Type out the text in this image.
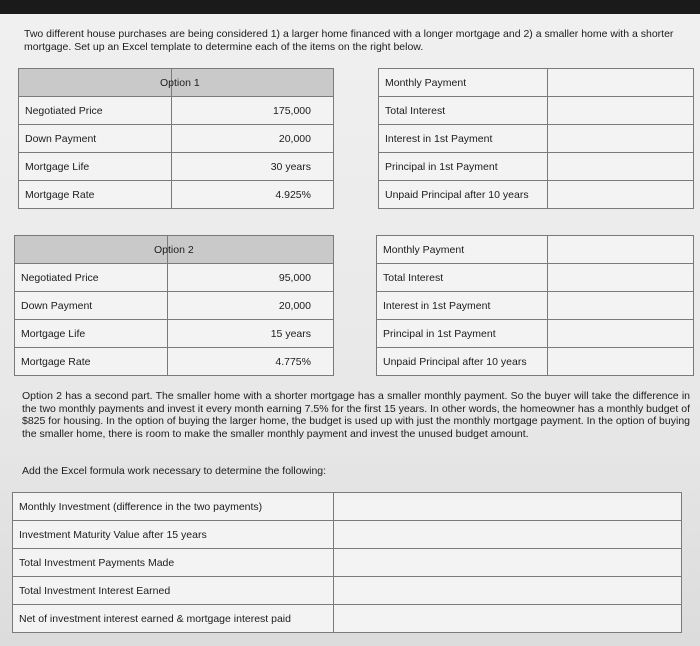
Two different house purchases are being considered 1) a larger home financed with a longer mortgage and 2) a smaller home with a shorter mortgage. Set up an Excel template to determine each of the items on the right below.
	Option 1
Negotiated Price	175,000
Down Payment	20,000
Mortgage Life	30 years
Mortgage Rate	4.925%
Monthly Payment	
Total Interest	
Interest in 1st Payment	
Principal in 1st Payment	
Unpaid Principal after 10 years	
	Option 2
Negotiated Price	95,000
Down Payment	20,000
Mortgage Life	15 years
Mortgage Rate	4.775%
Monthly Payment	
Total Interest	
Interest in 1st Payment	
Principal in 1st Payment	
Unpaid Principal after 10 years	
Option 2 has a second part. The smaller home with a shorter mortgage has a smaller monthly payment. So the buyer will take the difference in the two monthly payments and invest it every month earning 7.5% for the first 15 years. In other words, the homeowner has a monthly budget of $825 for housing. In the option of buying the larger home, the budget is used up with just the monthly mortgage payment. In the option of buying the smaller home, there is room to make the smaller monthly payment and invest the unused budget amount.
Add the Excel formula work necessary to determine the following:
Monthly Investment (difference in the two payments)	
Investment Maturity Value after 15 years	
Total Investment Payments Made	
Total Investment Interest Earned	
Net of investment interest earned & mortgage interest paid	
